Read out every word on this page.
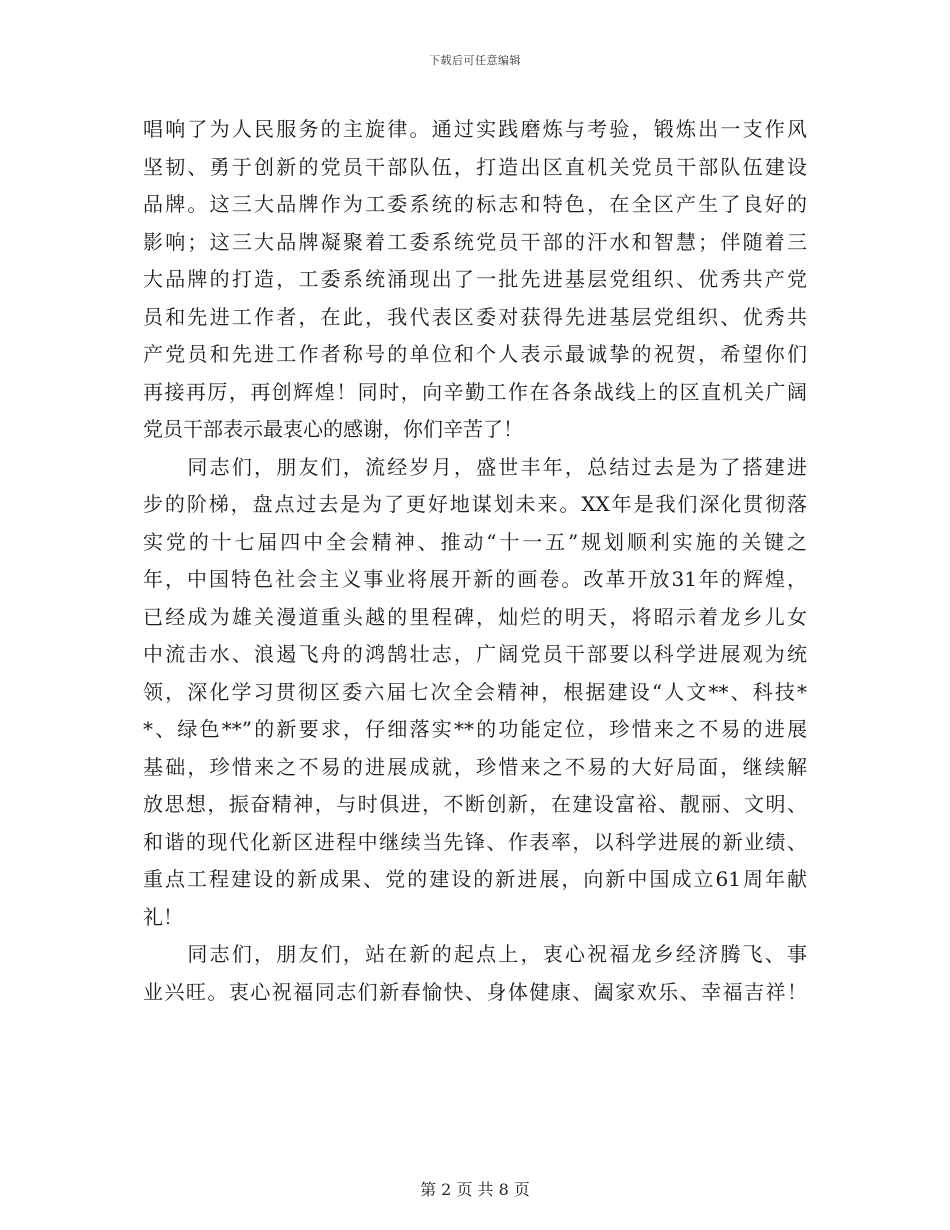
下载后可任意编辑
唱响了为人民服务的主旋律。通过实践磨炼与考验，锻炼出一支作风
坚韧、勇于创新的党员干部队伍，打造出区直机关党员干部队伍建设
品牌。这三大品牌作为工委系统的标志和特色，在全区产生了良好的
影响；这三大品牌凝聚着工委系统党员干部的汗水和智慧；伴随着三
大品牌的打造，工委系统涌现出了一批先进基层党组织、优秀共产党
员和先进工作者，在此，我代表区委对获得先进基层党组织、优秀共
产党员和先进工作者称号的单位和个人表示最诚挚的祝贺，希望你们
再接再厉，再创辉煌！同时，向辛勤工作在各条战线上的区直机关广阔
党员干部表示最衷心的感谢，你们辛苦了！
　　同志们，朋友们，流经岁月，盛世丰年，总结过去是为了搭建进
步的阶梯，盘点过去是为了更好地谋划未来。XX年是我们深化贯彻落
实党的十七届四中全会精神、推动“十一五”规划顺利实施的关键之
年，中国特色社会主义事业将展开新的画卷。改革开放31年的辉煌，
已经成为雄关漫道重头越的里程碑，灿烂的明天，将昭示着龙乡儿女
中流击水、浪遏飞舟的鸿鹄壮志，广阔党员干部要以科学进展观为统
领，深化学习贯彻区委六届七次全会精神，根据建设“人文**、科技*
*、绿色**”的新要求，仔细落实**的功能定位，珍惜来之不易的进展
基础，珍惜来之不易的进展成就，珍惜来之不易的大好局面，继续解
放思想，振奋精神，与时俱进，不断创新，在建设富裕、靓丽、文明、
和谐的现代化新区进程中继续当先锋、作表率，以科学进展的新业绩、
重点工程建设的新成果、党的建设的新进展，向新中国成立61周年献
礼！
　　同志们，朋友们，站在新的起点上，衷心祝福龙乡经济腾飞、事
业兴旺。衷心祝福同志们新春愉快、身体健康、阖家欢乐、幸福吉祥！
第 2 页 共 8 页
